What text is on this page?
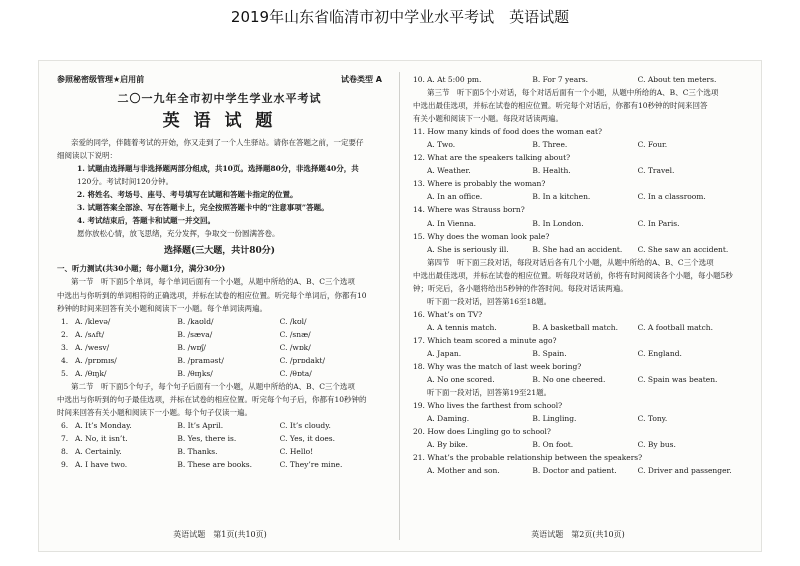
2019年山东省临清市初中学业水平考试　英语试题
参照秘密级管理★启用前	试卷类型 A
二〇一九年全市初中学生学业水平考试
英 语 试 题
亲爱的同学，伴随着考试的开始，你又走到了一个人生驿站。请你在答题之前，一定要仔
细阅读以下说明：
1. 试题由选择题与非选择题两部分组成，共10页。选择题80分，非选择题40分，共
120分。考试时间120分钟。
2. 将姓名、考场号、座号、考号填写在试题和答题卡指定的位置。
3. 试题答案全部涂、写在答题卡上，完全按照答题卡中的“注意事项”答题。
4. 考试结束后，答题卡和试题一并交回。
愿你放松心情，放飞思绪，充分发挥，争取交一份圆满答卷。
选择题(三大题，共计80分)
一、听力测试(共30小题；每小题1分，满分30分)
第一节　听下面5个单词，每个单词后面有一个小题，从题中所给的A、B、C三个选项
中选出与你听到的单词相符的正确选项，并标在试卷的相应位置。听完每个单词后，你都有10
秒钟的时间来回答有关小题和阅读下一小题。每个单词读两遍。
1. A. /klevə/	B. /kaʊld/	C. /kʊl/
2. A. /sʌft/	B. /sæva/	C. /snæ/
3. A. /wesv/	B. /wɒʃ/	C. /wɒk/
4. A. /prɒmɪs/	B. /praməst/	C. /prɒdakt/
5. A. /θɪŋk/	B. /θɪŋks/	C. /θɒta/
第二节　听下面5个句子，每个句子后面有一个小题，从题中所给的A、B、C三个选项
中选出与你听到的句子最佳选项，并标在试卷的相应位置。听完每个句子后，你都有10秒钟的
时间来回答有关小题和阅读下一小题。每个句子仅读一遍。
6. A. It’s Monday.	B. It’s April.	C. It’s cloudy.
7. A. No, it isn’t.	B. Yes, there is.	C. Yes, it does.
8. A. Certainly.	B. Thanks.	C. Hello!
9. A. I have two.	B. These are books.	C. They’re mine.
10. A. At 5:00 pm.	B. For 7 years.	C. About ten meters.
第三节　听下面5个小对话，每个对话后面有一个小题，从题中所给的A、B、C三个选项
中选出最佳选项，并标在试卷的相应位置。听完每个对话后，你都有10秒钟的时间来回答
有关小题和阅读下一小题。每段对话读两遍。
11. How many kinds of food does the woman eat?
A. Two.	B. Three.	C. Four.
12. What are the speakers talking about?
A. Weather.	B. Health.	C. Travel.
13. Where is probably the woman?
A. In an office.	B. In a kitchen.	C. In a classroom.
14. Where was Strauss born?
A. In Vienna.	B. In London.	C. In Paris.
15. Why does the woman look pale?
A. She is seriously ill.	B. She had an accident.	C. She saw an accident.
第四节　听下面三段对话，每段对话后各有几个小题，从题中所给的A、B、C三个选项
中选出最佳选项，并标在试卷的相应位置。听每段对话前，你将有时间阅读各个小题，每小题5秒
钟；听完后，各小题将给出5秒钟的作答时间。每段对话读两遍。
听下面一段对话，回答第16至18题。
16. What’s on TV?
A. A tennis match.	B. A basketball match.	C. A football match.
17. Which team scored a minute ago?
A. Japan.	B. Spain.	C. England.
18. Why was the match of last week boring?
A. No one scored.	B. No one cheered.	C. Spain was beaten.
听下面一段对话，回答第19至21题。
19. Who lives the farthest from school?
A. Daming.	B. Lingling.	C. Tony.
20. How does Lingling go to school?
A. By bike.	B. On foot.	C. By bus.
21. What’s the probable relationship between the speakers?
A. Mother and son.	B. Doctor and patient.	C. Driver and passenger.
英语试题　第1页(共10页)	英语试题　第2页(共10页)
